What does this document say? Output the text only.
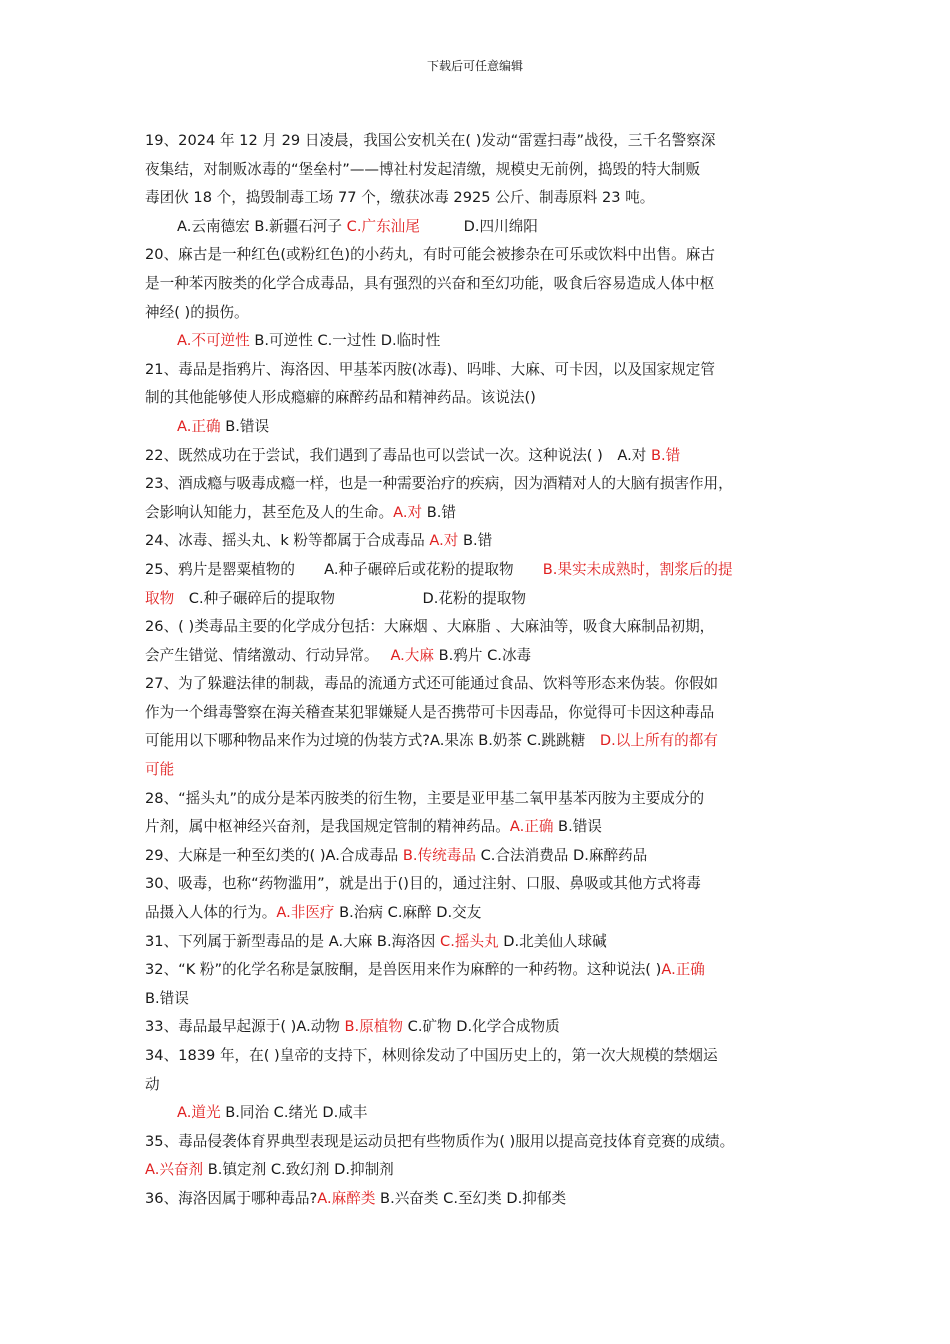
下载后可任意编辑
19、2024 年 12 月 29 日凌晨，我国公安机关在( )发动“雷霆扫毒”战役，三千名警察深
夜集结，对制贩冰毒的“堡垒村”——博社村发起清缴，规模史无前例，捣毁的特大制贩
毒团伙 18 个，捣毁制毒工场 77 个，缴获冰毒 2925 公斤、制毒原料 23 吨。
A.云南德宏 B.新疆石河子 C.广东汕尾　　　D.四川绵阳
20、麻古是一种红色(或粉红色)的小药丸，有时可能会被掺杂在可乐或饮料中出售。麻古
是一种苯丙胺类的化学合成毒品，具有强烈的兴奋和至幻功能，吸食后容易造成人体中枢
神经( )的损伤。
A.不可逆性 B.可逆性 C.一过性 D.临时性
21、毒品是指鸦片、海洛因、甲基苯丙胺(冰毒)、吗啡、大麻、可卡因，以及国家规定管
制的其他能够使人形成瘾癖的麻醉药品和精神药品。该说法()
A.正确 B.错误
22、既然成功在于尝试，我们遇到了毒品也可以尝试一次。这种说法( )　A.对 B.错
23、酒成瘾与吸毒成瘾一样，也是一种需要治疗的疾病，因为酒精对人的大脑有损害作用，
会影响认知能力，甚至危及人的生命。A.对 B.错
24、冰毒、摇头丸、k 粉等都属于合成毒品 A.对 B.错
25、鸦片是罂粟植物的　　A.种子碾碎后或花粉的提取物　　B.果实未成熟时，割浆后的提
取物　C.种子碾碎后的提取物　　　　　　D.花粉的提取物
26、( )类毒品主要的化学成分包括：大麻烟 、大麻脂 、大麻油等，吸食大麻制品初期，
会产生错觉、情绪激动、行动异常。　 A.大麻 B.鸦片 C.冰毒
27、为了躲避法律的制裁，毒品的流通方式还可能通过食品、饮料等形态来伪装。你假如
作为一个缉毒警察在海关稽查某犯罪嫌疑人是否携带可卡因毒品，你觉得可卡因这种毒品
可能用以下哪种物品来作为过境的伪装方式?A.果冻 B.奶茶 C.跳跳糖　D.以上所有的都有
可能
28、“摇头丸”的成分是苯丙胺类的衍生物，主要是亚甲基二氧甲基苯丙胺为主要成分的
片剂，属中枢神经兴奋剂，是我国规定管制的精神药品。A.正确 B.错误
29、大麻是一种至幻类的( )A.合成毒品 B.传统毒品 C.合法消费品 D.麻醉药品
30、吸毒，也称“药物滥用”，就是出于()目的，通过注射、口服、鼻吸或其他方式将毒
品摄入人体的行为。A.非医疗 B.治病 C.麻醉 D.交友
31、下列属于新型毒品的是 A.大麻 B.海洛因 C.摇头丸 D.北美仙人球碱
32、“K 粉”的化学名称是氯胺酮，是兽医用来作为麻醉的一种药物。这种说法( )A.正确
B.错误
33、毒品最早起源于( )A.动物 B.原植物 C.矿物 D.化学合成物质
34、1839 年，在( )皇帝的支持下，林则徐发动了中国历史上的，第一次大规模的禁烟运
动
A.道光 B.同治 C.绪光 D.咸丰
35、毒品侵袭体育界典型表现是运动员把有些物质作为( )服用以提高竞技体育竞赛的成绩。
A.兴奋剂 B.镇定剂 C.致幻剂 D.抑制剂
36、海洛因属于哪种毒品?A.麻醉类 B.兴奋类 C.至幻类 D.抑郁类
